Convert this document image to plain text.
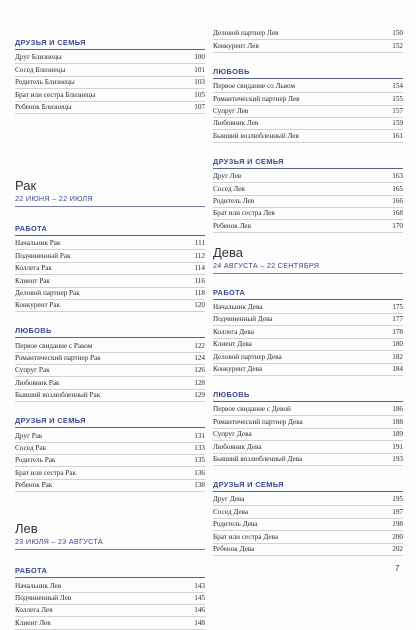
ДРУЗЬЯ И СЕМЬЯ
Друг Близнецы	100
Сосед Близнецы	101
Родитель Близнецы	103
Брат или сестра Близнецы	105
Ребенок Близнецы	107
Рак
22 ИЮНЯ – 22 ИЮЛЯ
РАБОТА
Начальник Рак	111
Подчиненный Рак	112
Коллега Рак	114
Клиент Рак	116
Деловой партнер Рак	118
Конкурент Рак	120
ЛЮБОВЬ
Первое свидание с Раком	122
Романтический партнер Рак	124
Супруг Рак	126
Любовник Рак	128
Бывший возлюбленный Рак	129
ДРУЗЬЯ И СЕМЬЯ
Друг Рак	131
Сосед Рак	133
Родитель Рак	135
Брат или сестра Рак	136
Ребенок Рак	138
Лев
23 ИЮЛЯ – 23 АВГУСТА
РАБОТА
Начальник Лев	143
Подчиненный Лев	145
Коллега Лев	146
Клиент Лев	148
Деловой партнер Лев	150
Конкурент Лев	152
ЛЮБОВЬ
Первое свидание со Львом	154
Романтический партнер Лев	155
Супруг Лев	157
Любовник Лев	159
Бывший возлюбленный Лев	161
ДРУЗЬЯ И СЕМЬЯ
Друг Лев	163
Сосед Лев	165
Родитель Лев	166
Брат или сестра Лев	168
Ребенок Лев	170
Дева
24 АВГУСТА – 22 СЕНТЯБРЯ
РАБОТА
Начальник Дева	175
Подчиненный Дева	177
Коллега Дева	178
Клиент Дева	180
Деловой партнер Дева	182
Конкурент Дева	184
ЛЮБОВЬ
Первое свидание с Девой	186
Романтический партнер Дева	188
Супруг Дева	189
Любовник Дева	191
Бывший возлюбленный Дева	193
ДРУЗЬЯ И СЕМЬЯ
Друг Дева	195
Сосед Дева	197
Родитель Дева	198
Брат или сестра Дева	200
Ребенок Дева	202
7
